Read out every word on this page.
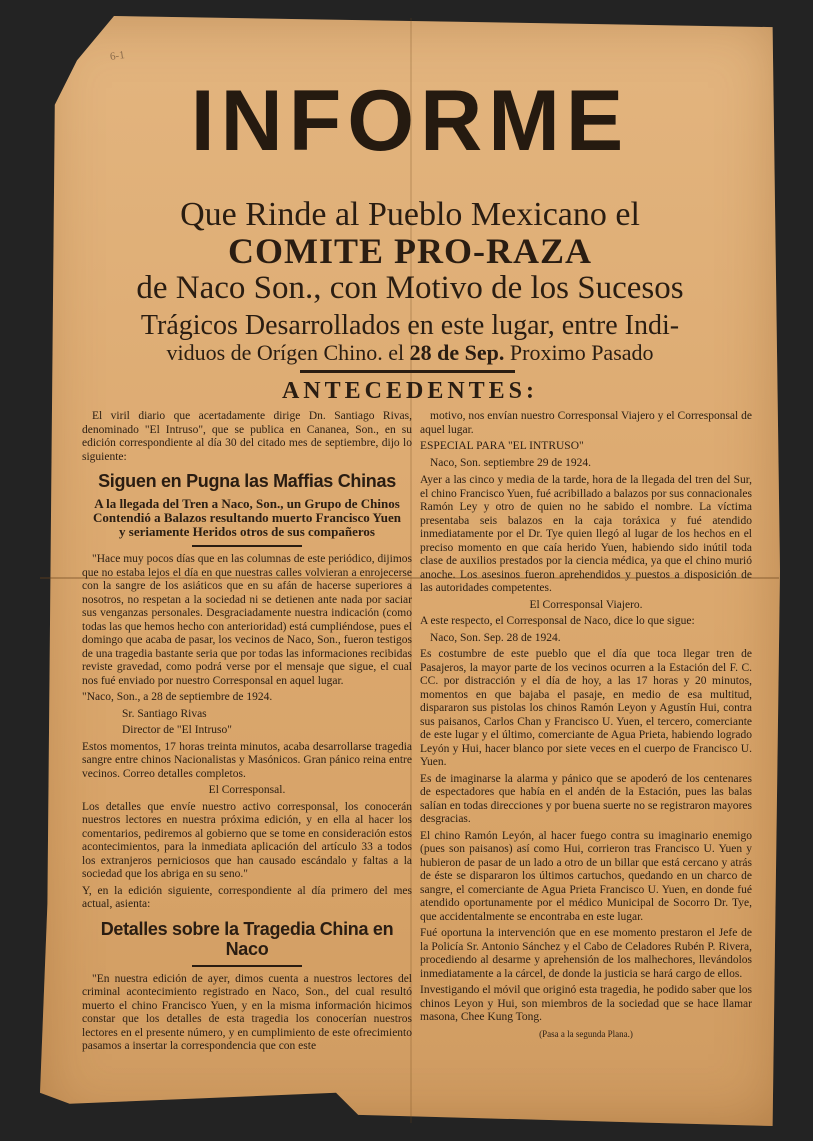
6-1
INFORME
Que Rinde al Pueblo Mexicano el
COMITE PRO-RAZA
de Naco Son., con Motivo de los Sucesos
Trágicos Desarrollados en este lugar, entre Indi-
viduos de Orígen Chino. el 28 de Sep. Proximo Pasado
ANTECEDENTES:

El viril diario que acertadamente dirige Dn. Santiago Rivas, denominado "El Intruso", que se publica en Cananea, Son., en su edición correspondiente al día 30 del citado mes de septiembre, dijo lo siguiente:

Siguen en Pugna las Maffias Chinas
A la llegada del Tren a Naco, Son., un Grupo de Chinos Contendió a Balazos resultando muerto Francisco Yuen y seriamente Heridos otros de sus compañeros

"Hace muy pocos días que en las columnas de este periódico, dijimos que no estaba lejos el día en que nuestras calles volvieran a enrojecerse con la sangre de los asiáticos que en su afán de hacerse superiores a nosotros, no respetan a la sociedad ni se detienen ante nada por saciar sus venganzas personales. Desgraciadamente nuestra indicación (como todas las que hemos hecho con anterioridad) está cumpliéndose, pues el domingo que acaba de pasar, los vecinos de Naco, Son., fueron testigos de una tragedia bastante seria que por todas las informaciones recibidas reviste gravedad, como podrá verse por el mensaje que sigue, el cual nos fué enviado por nuestro Corresponsal en aquel lugar.

"Naco, Son., a 28 de septiembre de 1924.

Sr. Santiago Rivas

Director de "El Intruso"

Estos momentos, 17 horas treinta minutos, acaba desarrollarse tragedia sangre entre chinos Nacionalistas y Masónicos. Gran pánico reina entre vecinos. Correo detalles completos.

El Corresponsal.

Los detalles que envíe nuestro activo corresponsal, los conocerán nuestros lectores en nuestra próxima edición, y en ella al hacer los comentarios, pediremos al gobierno que se tome en consideración estos acontecimientos, para la inmediata aplicación del artículo 33 a todos los extranjeros perniciosos que han causado escándalo y faltas a la sociedad que los abriga en su seno."

Y, en la edición siguiente, correspondiente al día primero del mes actual, asienta:

Detalles sobre la Tragedia China en Naco

"En nuestra edición de ayer, dimos cuenta a nuestros lectores del criminal acontecimiento registrado en Naco, Son., del cual resultó muerto el chino Francisco Yuen, y en la misma información hicimos constar que los detalles de esta tragedia los conocerían nuestros lectores en el presente número, y en cumplimiento de este ofrecimiento pasamos a insertar la correspondencia que con este

motivo, nos envían nuestro Corresponsal Viajero y el Corresponsal de aquel lugar.

ESPECIAL PARA "EL INTRUSO"

Naco, Son. septiembre 29 de 1924.

Ayer a las cinco y media de la tarde, hora de la llegada del tren del Sur, el chino Francisco Yuen, fué acribillado a balazos por sus connacionales Ramón Ley y otro de quien no he sabido el nombre. La víctima presentaba seis balazos en la caja toráxica y fué atendido inmediatamente por el Dr. Tye quien llegó al lugar de los hechos en el preciso momento en que caía herido Yuen, habiendo sido inútil toda clase de auxilios prestados por la ciencia médica, ya que el chino murió anoche. Los asesinos fueron aprehendidos y puestos a disposición de las autoridades competentes.

El Corresponsal Viajero.

A este respecto, el Corresponsal de Naco, dice lo que sigue:

Naco, Son. Sep. 28 de 1924.

Es costumbre de este pueblo que el día que toca llegar tren de Pasajeros, la mayor parte de los vecinos ocurren a la Estación del F. C. CC. por distracción y el día de hoy, a las 17 horas y 20 minutos, momentos en que bajaba el pasaje, en medio de esa multitud, dispararon sus pistolas los chinos Ramón Leyon y Agustín Hui, contra sus paisanos, Carlos Chan y Francisco U. Yuen, el tercero, comerciante de este lugar y el último, comerciante de Agua Prieta, habiendo logrado Leyón y Hui, hacer blanco por siete veces en el cuerpo de Francisco U. Yuen.

Es de imaginarse la alarma y pánico que se apoderó de los centenares de espectadores que había en el andén de la Estación, pues las balas salían en todas direcciones y por buena suerte no se registraron mayores desgracias.

El chino Ramón Leyón, al hacer fuego contra su imaginario enemigo (pues son paisanos) así como Hui, corrieron tras Francisco U. Yuen y hubieron de pasar de un lado a otro de un billar que está cercano y atrás de éste se dispararon los últimos cartuchos, quedando en un charco de sangre, el comerciante de Agua Prieta Francisco U. Yuen, en donde fué atendido oportunamente por el médico Municipal de Socorro Dr. Tye, que accidentalmente se encontraba en este lugar.

Fué oportuna la intervención que en ese momento prestaron el Jefe de la Policía Sr. Antonio Sánchez y el Cabo de Celadores Rubén P. Rivera, procediendo al desarme y aprehensión de los malhechores, llevándolos inmediatamente a la cárcel, de donde la justicia se hará cargo de ellos.

Investigando el móvil que originó esta tragedia, he podido saber que los chinos Leyon y Hui, son miembros de la sociedad que se hace llamar masona, Chee Kung Tong.

(Pasa a la segunda Plana.)
